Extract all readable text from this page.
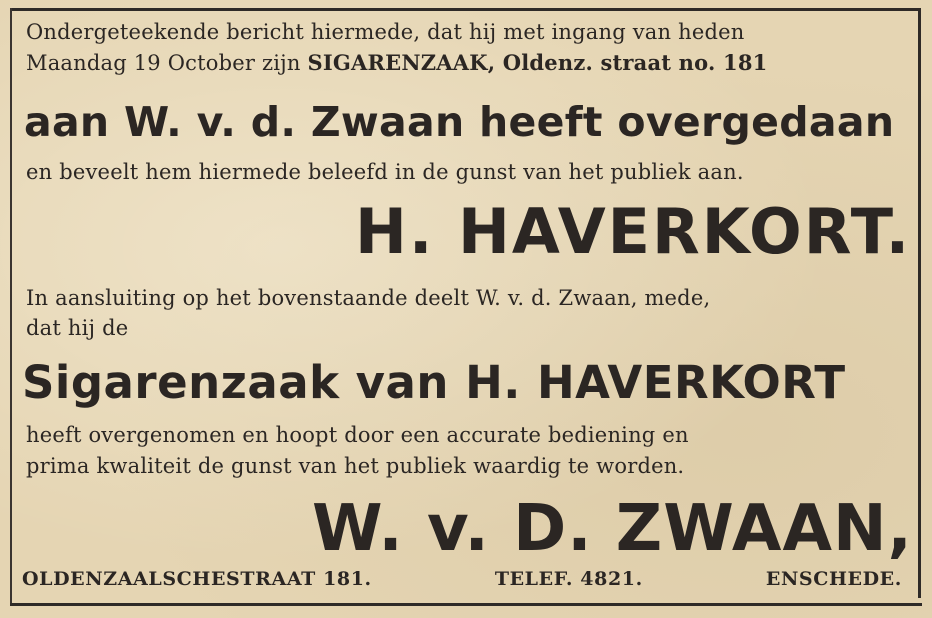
Ondergeteekende bericht hiermede, dat hij met ingang van heden
Maandag 19 October zijn SIGARENZAAK, Oldenz. straat no. 181
aan W. v. d. Zwaan heeft overgedaan
en beveelt hem hiermede beleefd in de gunst van het publiek aan.
H. HAVERKORT.
In aansluiting op het bovenstaande deelt W. v. d. Zwaan, mede,
dat hij de
Sigarenzaak van H. HAVERKORT
heeft overgenomen en hoopt door een accurate bediening en
prima kwaliteit de gunst van het publiek waardig te worden.
W. v. D. ZWAAN,
OLDENZAALSCHESTRAAT 181.	TELEF. 4821.	ENSCHEDE.
